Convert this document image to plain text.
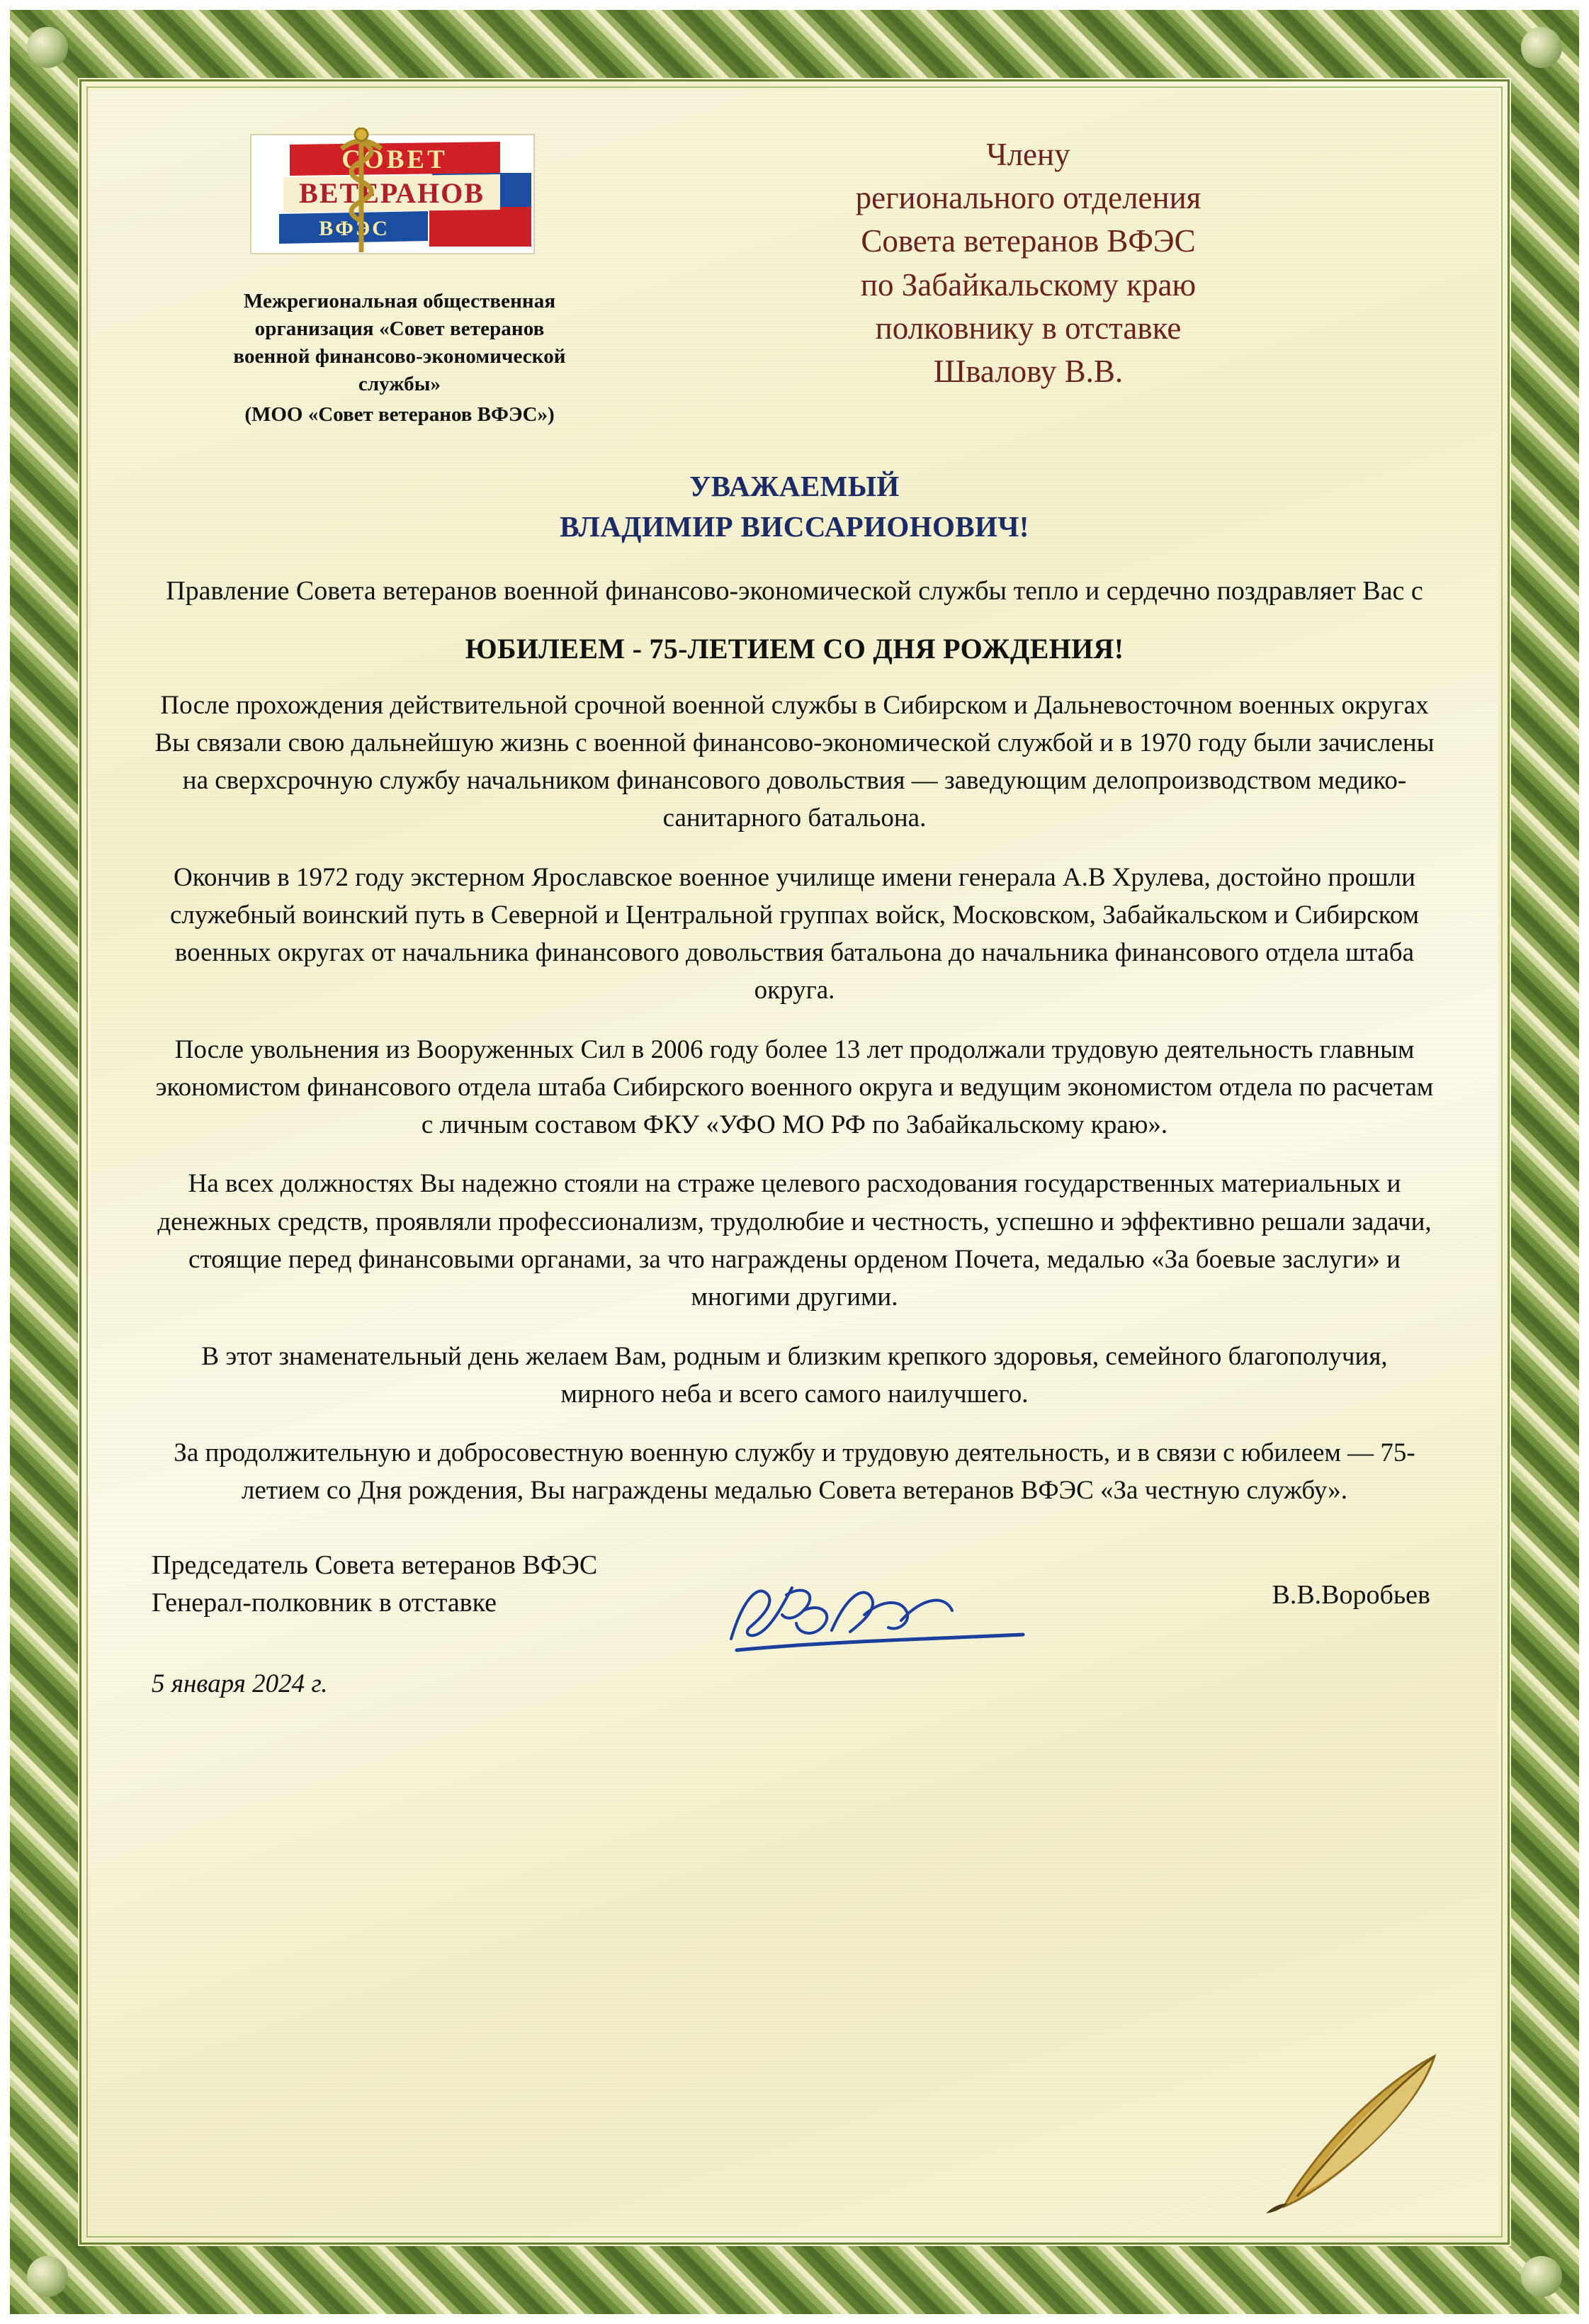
СОВЕТ
ВЕТЕРАНОВ
ВФЭС
Межрегиональная общественная
организация «Совет ветеранов
военной финансово-экономической
службы»
(МОО «Совет ветеранов ВФЭС»)
Члену
регионального отделения
Совета ветеранов ВФЭС
по Забайкальскому краю
полковнику в отставке
Швалову В.В.
УВАЖАЕМЫЙ
ВЛАДИМИР ВИССАРИОНОВИЧ!
Правление Совета ветеранов военной финансово-экономической службы тепло и сердечно поздравляет Вас с
ЮБИЛЕЕМ - 75-ЛЕТИЕМ СО ДНЯ РОЖДЕНИЯ!

После прохождения действительной срочной военной службы в Сибирском и Дальневосточном военных округах Вы связали свою дальнейшую жизнь с военной финансово-экономической службой и в 1970 году были зачислены на сверхсрочную службу начальником финансового довольствия — заведующим делопроизводством медико-санитарного батальона.

Окончив в 1972 году экстерном Ярославское военное училище имени генерала А.В Хрулева, достойно прошли служебный воинский путь в Северной и Центральной группах войск, Московском, Забайкальском и Сибирском военных округах от начальника финансового довольствия батальона до начальника финансового отдела штаба округа.

После увольнения из Вооруженных Сил в 2006 году более 13 лет продолжали трудовую деятельность главным экономистом финансового отдела штаба Сибирского военного округа и ведущим экономистом отдела по расчетам с личным составом ФКУ «УФО МО РФ по Забайкальскому краю».

На всех должностях Вы надежно стояли на страже целевого расходования государственных материальных и денежных средств, проявляли профессионализм, трудолюбие и честность, успешно и эффективно решали задачи, стоящие перед финансовыми органами, за что награждены орденом Почета, медалью «За боевые заслуги» и многими другими.

В этот знаменательный день желаем Вам, родным и близким крепкого здоровья, семейного благополучия, мирного неба и всего самого наилучшего.

За продолжительную и добросовестную военную службу и трудовую деятельность, и в связи с юбилеем — 75-летием со Дня рождения, Вы награждены медалью Совета ветеранов ВФЭС «За честную службу».

Председатель Совета ветеранов ВФЭС
Генерал-полковник в отставке	В.В.Воробьев
5 января 2024 г.
